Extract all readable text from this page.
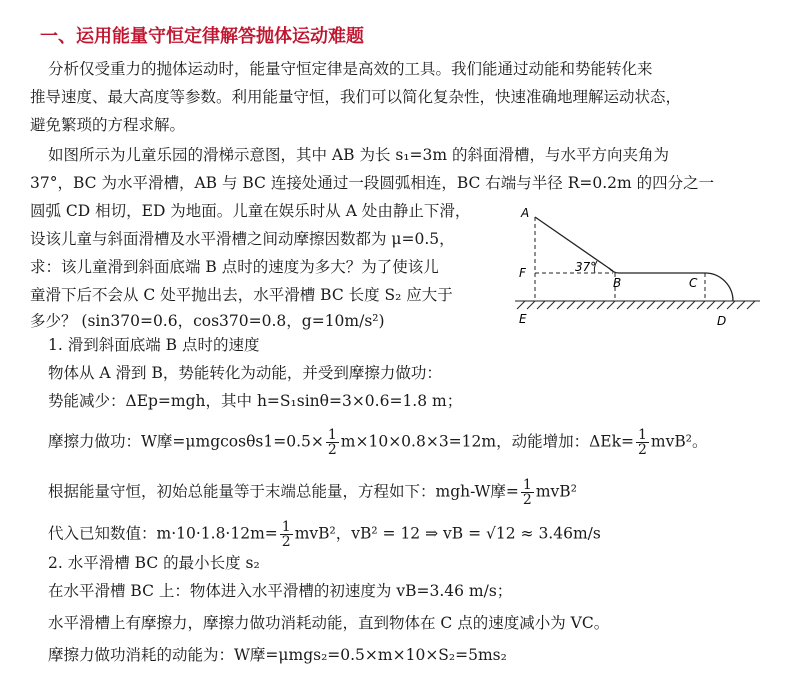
一、运用能量守恒定律解答抛体运动难题
分析仅受重力的抛体运动时，能量守恒定律是高效的工具。我们能通过动能和势能转化来
推导速度、最大高度等参数。利用能量守恒，我们可以简化复杂性，快速准确地理解运动状态，
避免繁琐的方程求解。
如图所示为儿童乐园的滑梯示意图，其中 AB 为长 s₁=3m 的斜面滑槽，与水平方向夹角为
37°，BC 为水平滑槽，AB 与 BC 连接处通过一段圆弧相连，BC 右端与半径 R=0.2m 的四分之一
圆弧 CD 相切，ED 为地面。儿童在娱乐时从 A 处由静止下滑，
设该儿童与斜面滑槽及水平滑槽之间动摩擦因数都为 μ=0.5，
求：该儿童滑到斜面底端 B 点时的速度为多大？为了使该儿
童滑下后不会从 C 处平抛出去，水平滑槽 BC 长度 S₂ 应大于
多少？ (sin370=0.6，cos370=0.8，g=10m/s²)
A
F	37°
B	C
E	D
1. 滑到斜面底端 B 点时的速度
物体从 A 滑到 B，势能转化为动能，并受到摩擦力做功：
势能减少：ΔEp=mgh，其中 h=S₁sinθ=3×0.6=1.8 m；
摩擦力做功：W摩$=\mu mgcos\theta s1=0.5\times \frac{1}{2} m\times 10\times 0.8\times 3=12m$，动能增加：$\Delta Ek= \frac{1}{2} mvB^2$。
根据能量守恒，初始总能量等于末端总能量，方程如下：mgh-W摩= $\frac{1}{2} mvB^2$
代入已知数值：$m\cdot 10\cdot 1.8\cdot 12m= \frac{1}{2} mvB^2$，vB² = 12 ⇒ vB = √12 ≈ 3.46m/s
2. 水平滑槽 BC 的最小长度 s₂
在水平滑槽 BC 上：物体进入水平滑槽的初速度为 vB=3.46 m/s；
水平滑槽上有摩擦力，摩擦力做功消耗动能，直到物体在 C 点的速度减小为 VC。
摩擦力做功消耗的动能为：W摩=μmgs₂=0.5×m×10×S₂=5ms₂
